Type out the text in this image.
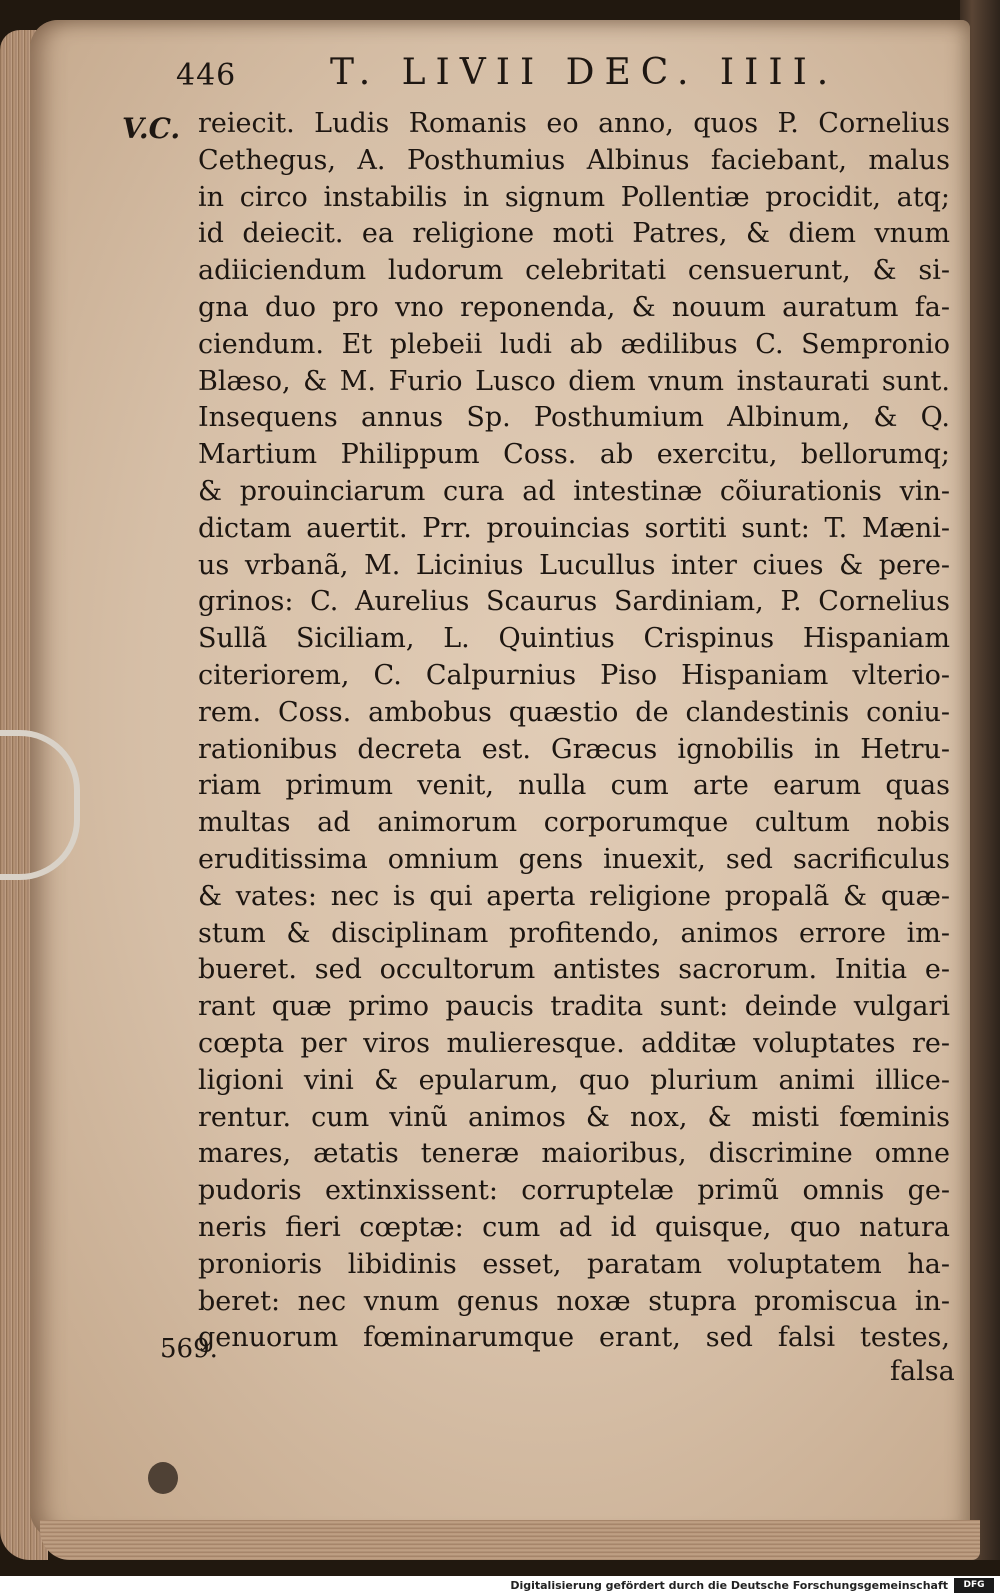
446	T. LIVII DEC. IIII.
V.C. reiecit. Ludis Romanis eo anno, quos P. Cornelius
Cethegus, A. Posthumius Albinus faciebant, malus
in circo instabilis in signum Pollentiæ procidit, atq;
id deiecit. ea religione moti Patres, & diem vnum
adiiciendum ludorum celebritati censuerunt, & si-
gna duo pro vno reponenda, & nouum auratum fa-
ciendum. Et plebeii ludi ab ædilibus C. Sempronio
Blæso, & M. Furio Lusco diem vnum instaurati sunt.
Insequens annus Sp. Posthumium Albinum, & Q.
Martium Philippum Coss. ab exercitu, bellorumq;
& prouinciarum cura ad intestinæ cõiurationis vin-
dictam auertit. Prr. prouincias sortiti sunt: T. Mæni-
us vrbanã, M. Licinius Lucullus inter ciues & pere-
grinos: C. Aurelius Scaurus Sardiniam, P. Cornelius
Sullã Siciliam, L. Quintius Crispinus Hispaniam
citeriorem, C. Calpurnius Piso Hispaniam vlterio-
rem. Coss. ambobus quæstio de clandestinis coniu-
rationibus decreta est. Græcus ignobilis in Hetru-
riam primum venit, nulla cum arte earum quas
multas ad animorum corporumque cultum nobis
eruditissima omnium gens inuexit, sed sacrificulus
& vates: nec is qui aperta religione propalã & quæ-
stum & disciplinam profitendo, animos errore im-
bueret. sed occultorum antistes sacrorum. Initia e-
rant quæ primo paucis tradita sunt: deinde vulgari
cœpta per viros mulieresque. additæ voluptates re-
ligioni vini & epularum, quo plurium animi illice-
rentur. cum vinũ animos & nox, & misti fœminis
mares, ætatis teneræ maioribus, discrimine omne
pudoris extinxissent: corruptelæ primũ omnis ge-
neris fieri cœptæ: cum ad id quisque, quo natura
pronioris libidinis esset, paratam voluptatem ha-
beret: nec vnum genus noxæ stupra promiscua in-
genuorum fœminarumque erant, sed falsi testes,
569.
falsa
Digitalisierung gefördert durch die Deutsche Forschungsgemeinschaft	DFG
